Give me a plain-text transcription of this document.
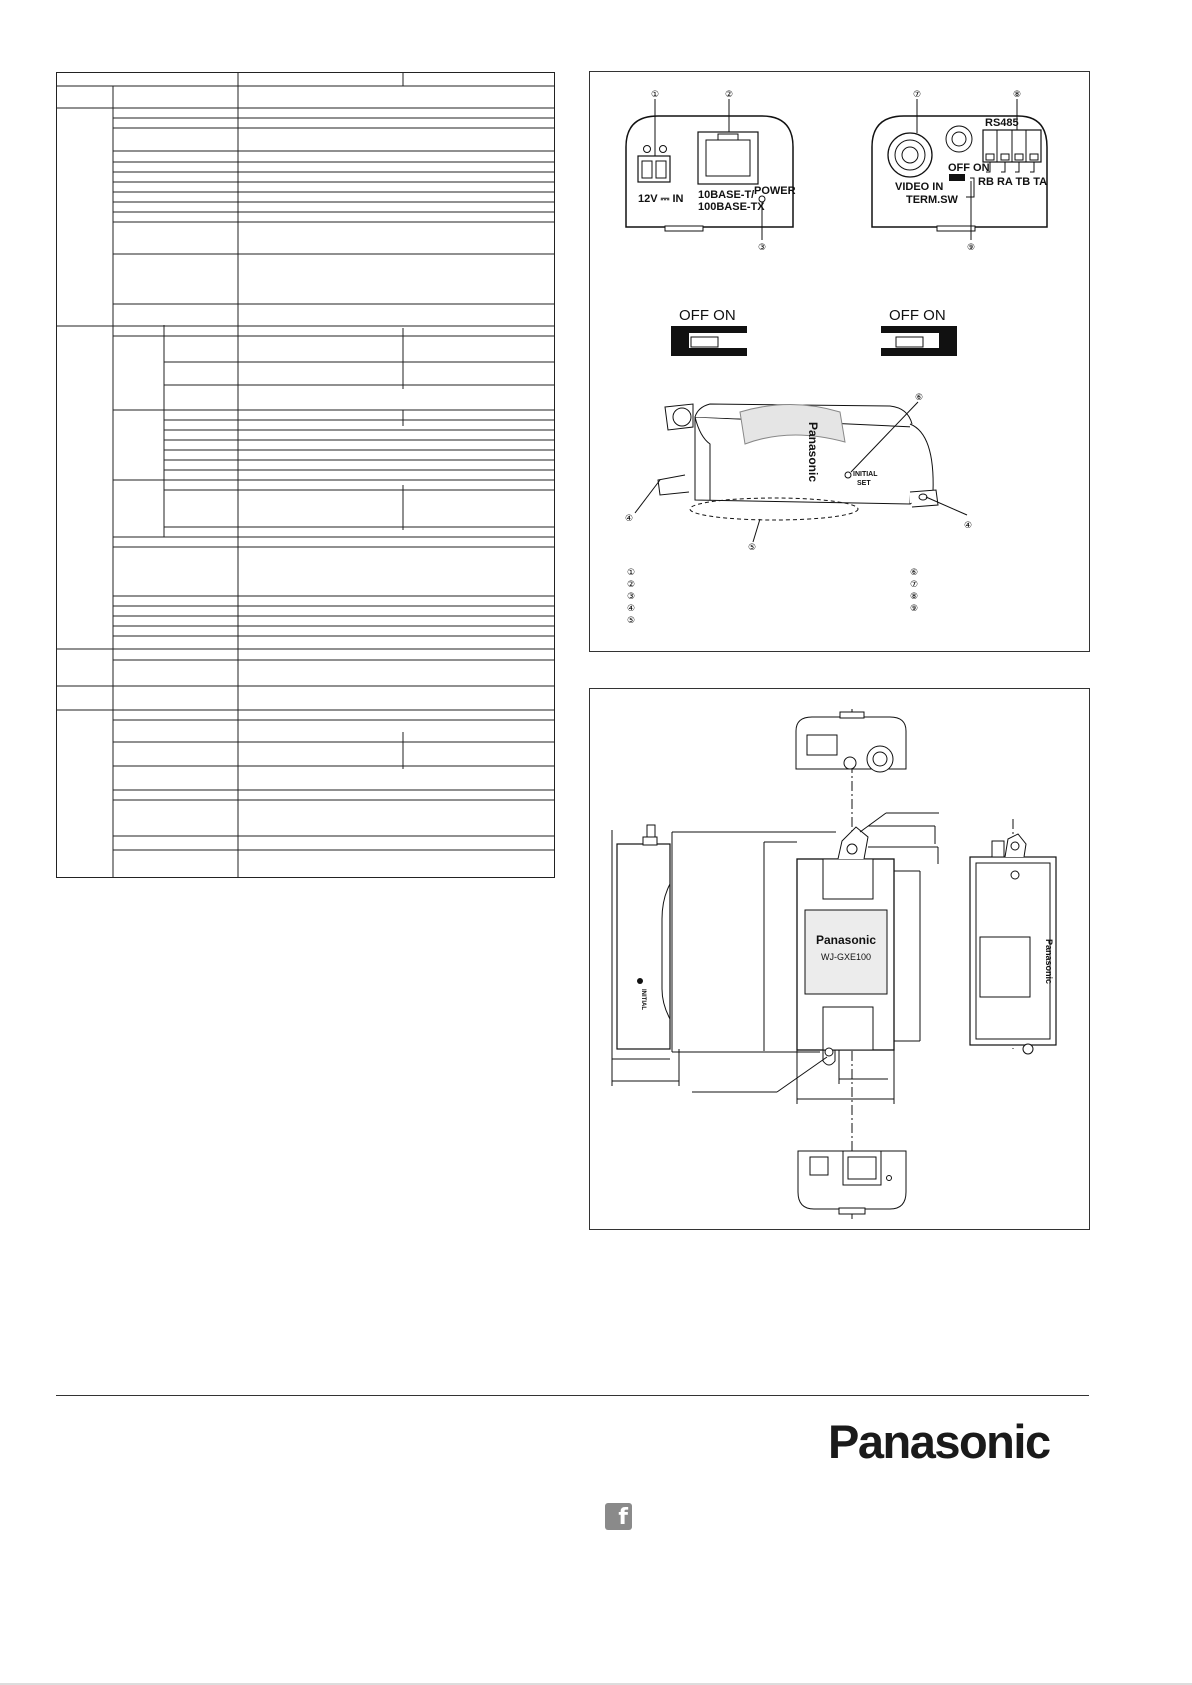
12V ⎓ IN 10BASE-T/
100BASE-TX
POWER
①	②
③
OFF ON
VIDEO IN
TERM.SW
RS485
RB RA TB TA
⑦	⑧
⑨
OFF ON	OFF ON
Panasonic	INITIAL
SET
⑥
④
④
⑤
①
②
③
④
⑤
⑥
⑦
⑧
⑨
Panasonic
WJ-GXE100
INITIAL
Panasonic
Panasonic
f
